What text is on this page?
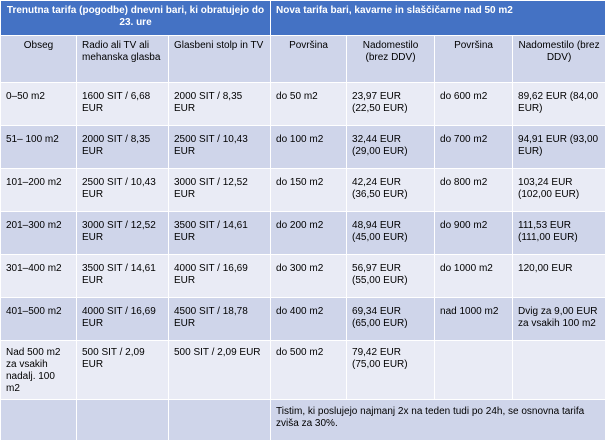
Trenutna tarifa (pogodbe) dnevni bari, ki obratujejo do
23. ure			Nova tarifa bari, kavarne in slaščičarne nad 50 m2			
Obseg	Radio ali TV ali mehanska glasba	Glasbeni stolp in TV	Površina	Nadomestilo (brez DDV)	Površina	Nadomestilo (brez DDV)
0–50 m2	1600 SIT / 6,68 EUR	2000 SIT / 8,35 EUR	do 50 m2	23,97 EUR (22,50 EUR)	do 600 m2	89,62 EUR (84,00 EUR)
51– 100 m2	2000 SIT / 8,35 EUR	2500 SIT / 10,43 EUR	do 100 m2	32,44 EUR (29,00 EUR)	do 700 m2	94,91 EUR (93,00 EUR)
101–200 m2	2500 SIT / 10,43 EUR	3000 SIT / 12,52 EUR	do 150 m2	42,24 EUR (36,50 EUR)	do 800 m2	103,24 EUR (102,00 EUR)
201–300 m2	3000 SIT / 12,52 EUR	3500 SIT / 14,61 EUR	do 200 m2	48,94 EUR (45,00 EUR)	do 900 m2	111,53 EUR (111,00 EUR)
301–400 m2	3500 SIT / 14,61 EUR	4000 SIT / 16,69 EUR	do 300 m2	56,97 EUR (55,00 EUR)	do 1000 m2	120,00 EUR
401–500 m2	4000 SIT / 16,69 EUR	4500 SIT / 18,78 EUR	do 400 m2	69,34 EUR (65,00 EUR)	nad 1000 m2	Dvig za 9,00 EUR za vsakih 100 m2
Nad 500 m2 za vsakih nadalj. 100 m2	500 SIT / 2,09 EUR	500 SIT / 2,09 EUR	do 500 m2	79,42 EUR (75,00 EUR)		
			Tistim, ki poslujejo najmanj 2x na teden tudi po 24h, se osnovna tarifa zviša za 30%.			
